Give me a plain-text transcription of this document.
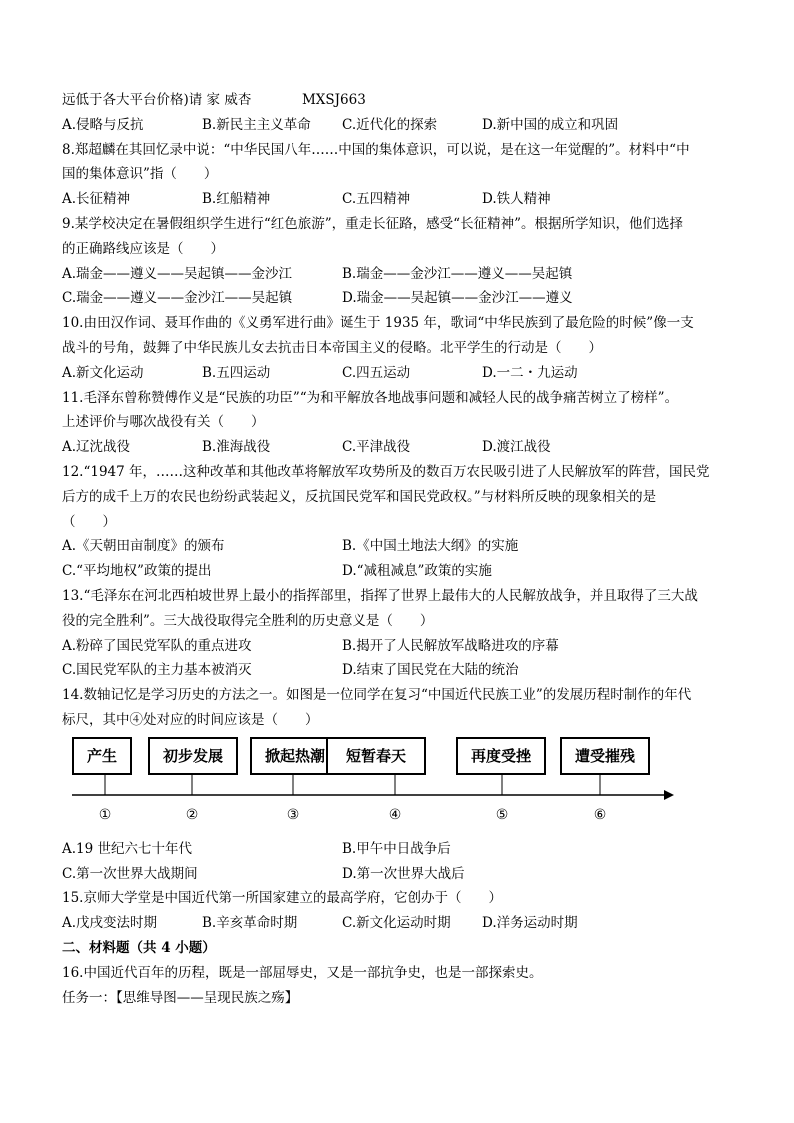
远低于各大平台价格)请 家 威杏	MXSJ663
A.侵略与反抗	B.新民主主义革命	C.近代化的探索	D.新中国的成立和巩固
8.郑超麟在其回忆录中说：“中华民国八年……中国的集体意识，可以说，是在这一年觉醒的”。材料中“中
国的集体意识”指（　　）
A.长征精神	B.红船精神	C.五四精神	D.铁人精神
9.某学校决定在暑假组织学生进行“红色旅游”，重走长征路，感受“长征精神”。根据所学知识，他们选择
的正确路线应该是（　　）
A.瑞金——遵义——吴起镇——金沙江	B.瑞金——金沙江——遵义——吴起镇
C.瑞金——遵义——金沙江——吴起镇	D.瑞金——吴起镇——金沙江——遵义
10.由田汉作词、聂耳作曲的《义勇军进行曲》诞生于 1935 年，歌词“中华民族到了最危险的时候”像一支
战斗的号角，鼓舞了中华民族儿女去抗击日本帝国主义的侵略。北平学生的行动是（　　）
A.新文化运动	B.五四运动	C.四五运动	D.一二・九运动
11.毛泽东曾称赞傅作义是“民族的功臣”“为和平解放各地战事问题和减轻人民的战争痛苦树立了榜样”。
上述评价与哪次战役有关（　　）
A.辽沈战役	B.淮海战役	C.平津战役	D.渡江战役
12.“1947 年，……这种改革和其他改革将解放军攻势所及的数百万农民吸引进了人民解放军的阵营，国民党
后方的成千上万的农民也纷纷武装起义，反抗国民党军和国民党政权。”与材料所反映的现象相关的是
（　　）
A.《天朝田亩制度》的颁布	B.《中国土地法大纲》的实施
C.“平均地权”政策的提出	D.“减租减息”政策的实施
13.“毛泽东在河北西柏坡世界上最小的指挥部里，指挥了世界上最伟大的人民解放战争，并且取得了三大战
役的完全胜利”。三大战役取得完全胜利的历史意义是（　　）
A.粉碎了国民党军队的重点进攻	B.揭开了人民解放军战略进攻的序幕
C.国民党军队的主力基本被消灭	D.结束了国民党在大陆的统治
14.数轴记忆是学习历史的方法之一。如图是一位同学在复习“中国近代民族工业”的发展历程时制作的年代
标尺，其中④处对应的时间应该是（　　）
产生	初步发展	掀起热潮	短暂春天	再度受挫	遭受摧残
①	②	③	④	⑤	⑥
A.19 世纪六七十年代	B.甲午中日战争后
C.第一次世界大战期间	D.第一次世界大战后
15.京师大学堂是中国近代第一所国家建立的最高学府，它创办于（　　）
A.戊戌变法时期	B.辛亥革命时期	C.新文化运动时期	D.洋务运动时期
二、材料题（共 4 小题）
16.中国近代百年的历程，既是一部屈辱史，又是一部抗争史，也是一部探索史。
任务一：【思维导图——呈现民族之殇】
